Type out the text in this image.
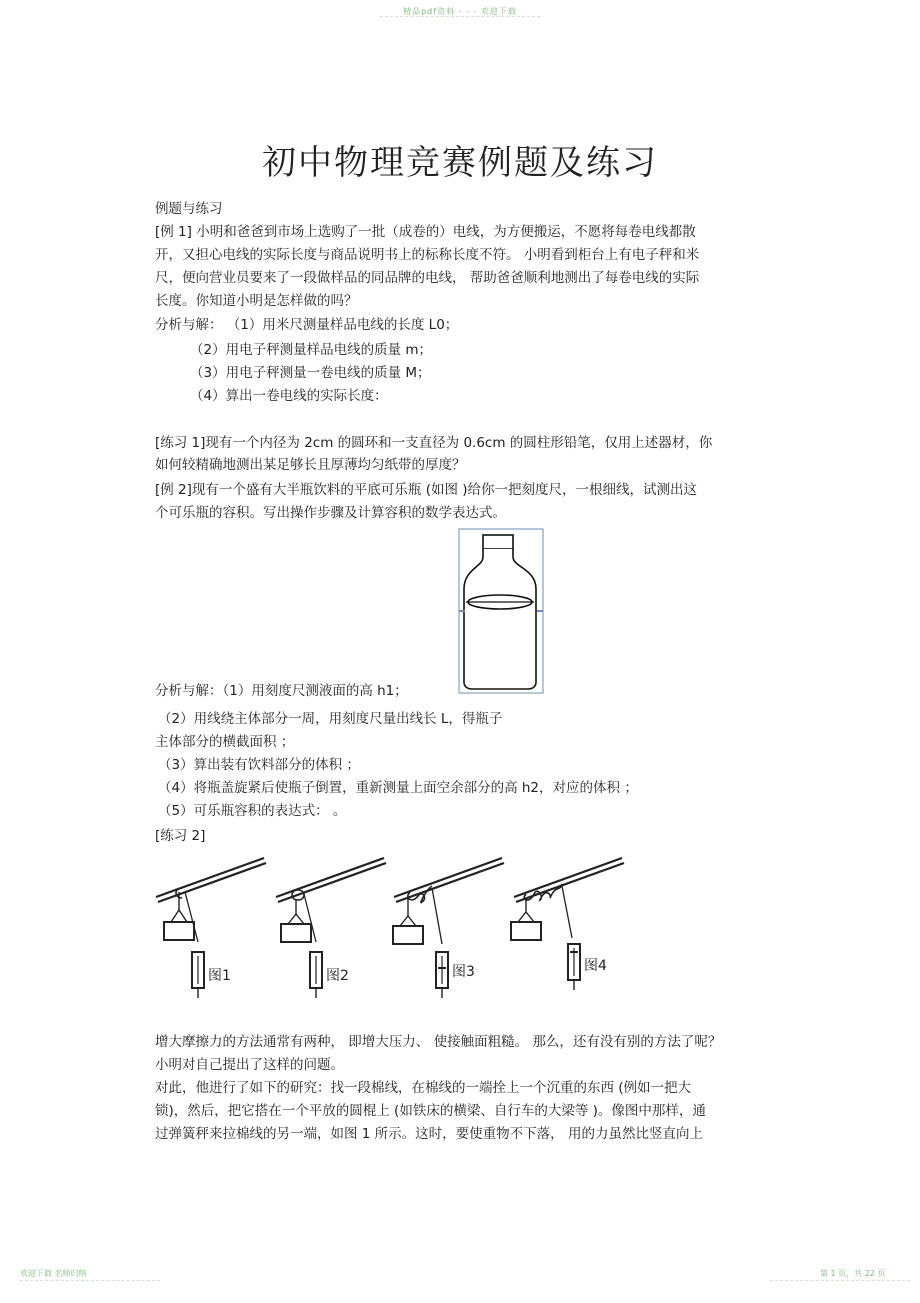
精品pdf资料 - - - 欢迎下载
初中物理竞赛例题及练习
例题与练习
[例 1] 小明和爸爸到市场上选购了一批（成卷的）电线，为方便搬运，不愿将每卷电线都散
开，又担心电线的实际长度与商品说明书上的标称长度不符。 小明看到柜台上有电子秤和米
尺，便向营业员要来了一段做样品的同品牌的电线， 帮助爸爸顺利地测出了每卷电线的实际
长度。你知道小明是怎样做的吗？
分析与解： （1）用米尺测量样品电线的长度 L0；
（2）用电子秤测量样品电线的质量 m；
（3）用电子秤测量一卷电线的质量 M；
（4）算出一卷电线的实际长度：
[练习 1]现有一个内径为 2cm 的圆环和一支直径为 0.6cm 的圆柱形铅笔，仅用上述器材，你
如何较精确地测出某足够长且厚薄均匀纸带的厚度？
[例 2]现有一个盛有大半瓶饮料的平底可乐瓶 (如图 )给你一把刻度尺，一根细线，试测出这
个可乐瓶的容积。写出操作步骤及计算容积的数学表达式。
分析与解：（1）用刻度尺测液面的高 h1；
（2）用线绕主体部分一周，用刻度尺量出线长 L，得瓶子
主体部分的横截面积 ；
（3）算出装有饮料部分的体积 ；
（4）将瓶盖旋紧后使瓶子倒置，重新测量上面空余部分的高 h2，对应的体积 ；
（5）可乐瓶容积的表达式： 。
[练习 2]
图1	图2	图3	图4
增大摩擦力的方法通常有两种， 即增大压力、 使接触面粗糙。 那么，还有没有别的方法了呢？
小明对自己提出了这样的问题。
对此，他进行了如下的研究：找一段棉线，在棉线的一端拴上一个沉重的东西 (例如一把大
锁)，然后，把它搭在一个平放的圆棍上 (如铁床的横梁、自行车的大梁等 )。像图中那样，通
过弹簧秤来拉棉线的另一端，如图 1 所示。这时，要使重物不下落， 用的力虽然比竖直向上
欢迎下载 名师归纳	第 1 页，共 22 页
